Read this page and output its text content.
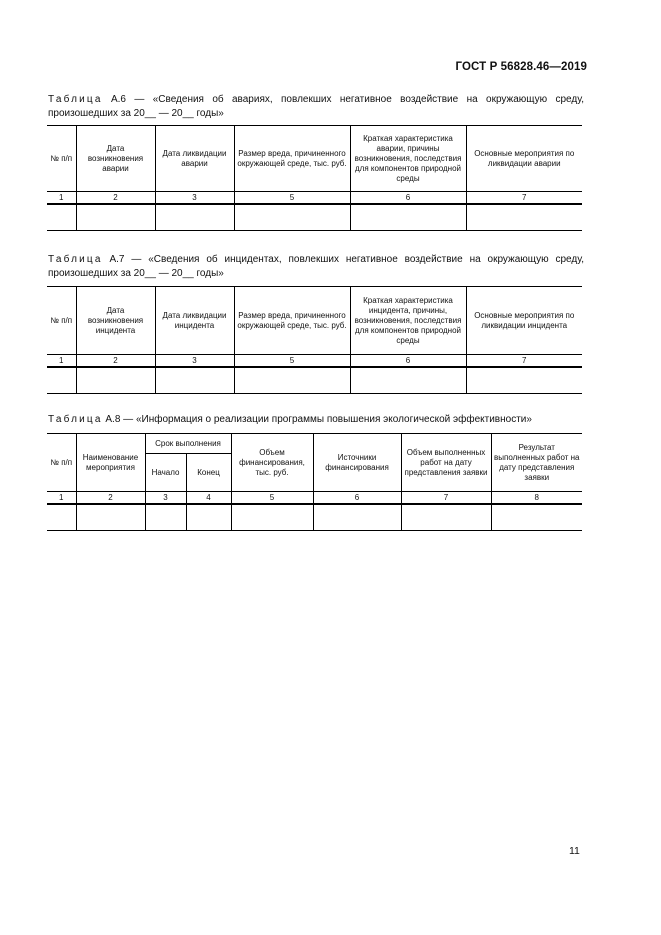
ГОСТ Р 56828.46—2019
Таблица А.6 — «Сведения об авариях, повлекших негативное воздействие на окружающую среду, произошедших за 20__ — 20__ годы»
№ п/п	Дата возникновения аварии	Дата ликвидации аварии	Размер вреда, причиненного окружающей среде, тыс. руб.	Краткая характеристика аварии, причины возникновения, последствия для компонентов природной среды	Основные мероприятия по ликвидации аварии
1	2	3	5	6	7

Таблица А.7 — «Сведения об инцидентах, повлекших негативное воздействие на окружающую среду, произошедших за 20__ — 20__ годы»
№ п/п	Дата возникновения инцидента	Дата ликвидации инцидента	Размер вреда, причиненного окружающей среде, тыс. руб.	Краткая характеристика инцидента, причины, возникновения, последствия для компонентов природной среды	Основные мероприятия по ликвидации инцидента
1	2	3	5	6	7

Таблица А.8 — «Информация о реализации программы повышения экологической эффективности»
№ п/п	Наименование мероприятия	Срок выполнения		Объем финансирования, тыс. руб.	Источники финансирования	Объем выполненных работ на дату представления заявки	Результат выполненных работ на дату представления заявки
		Начало	Конец				
1	2	3	4	5	6	7	8

11
